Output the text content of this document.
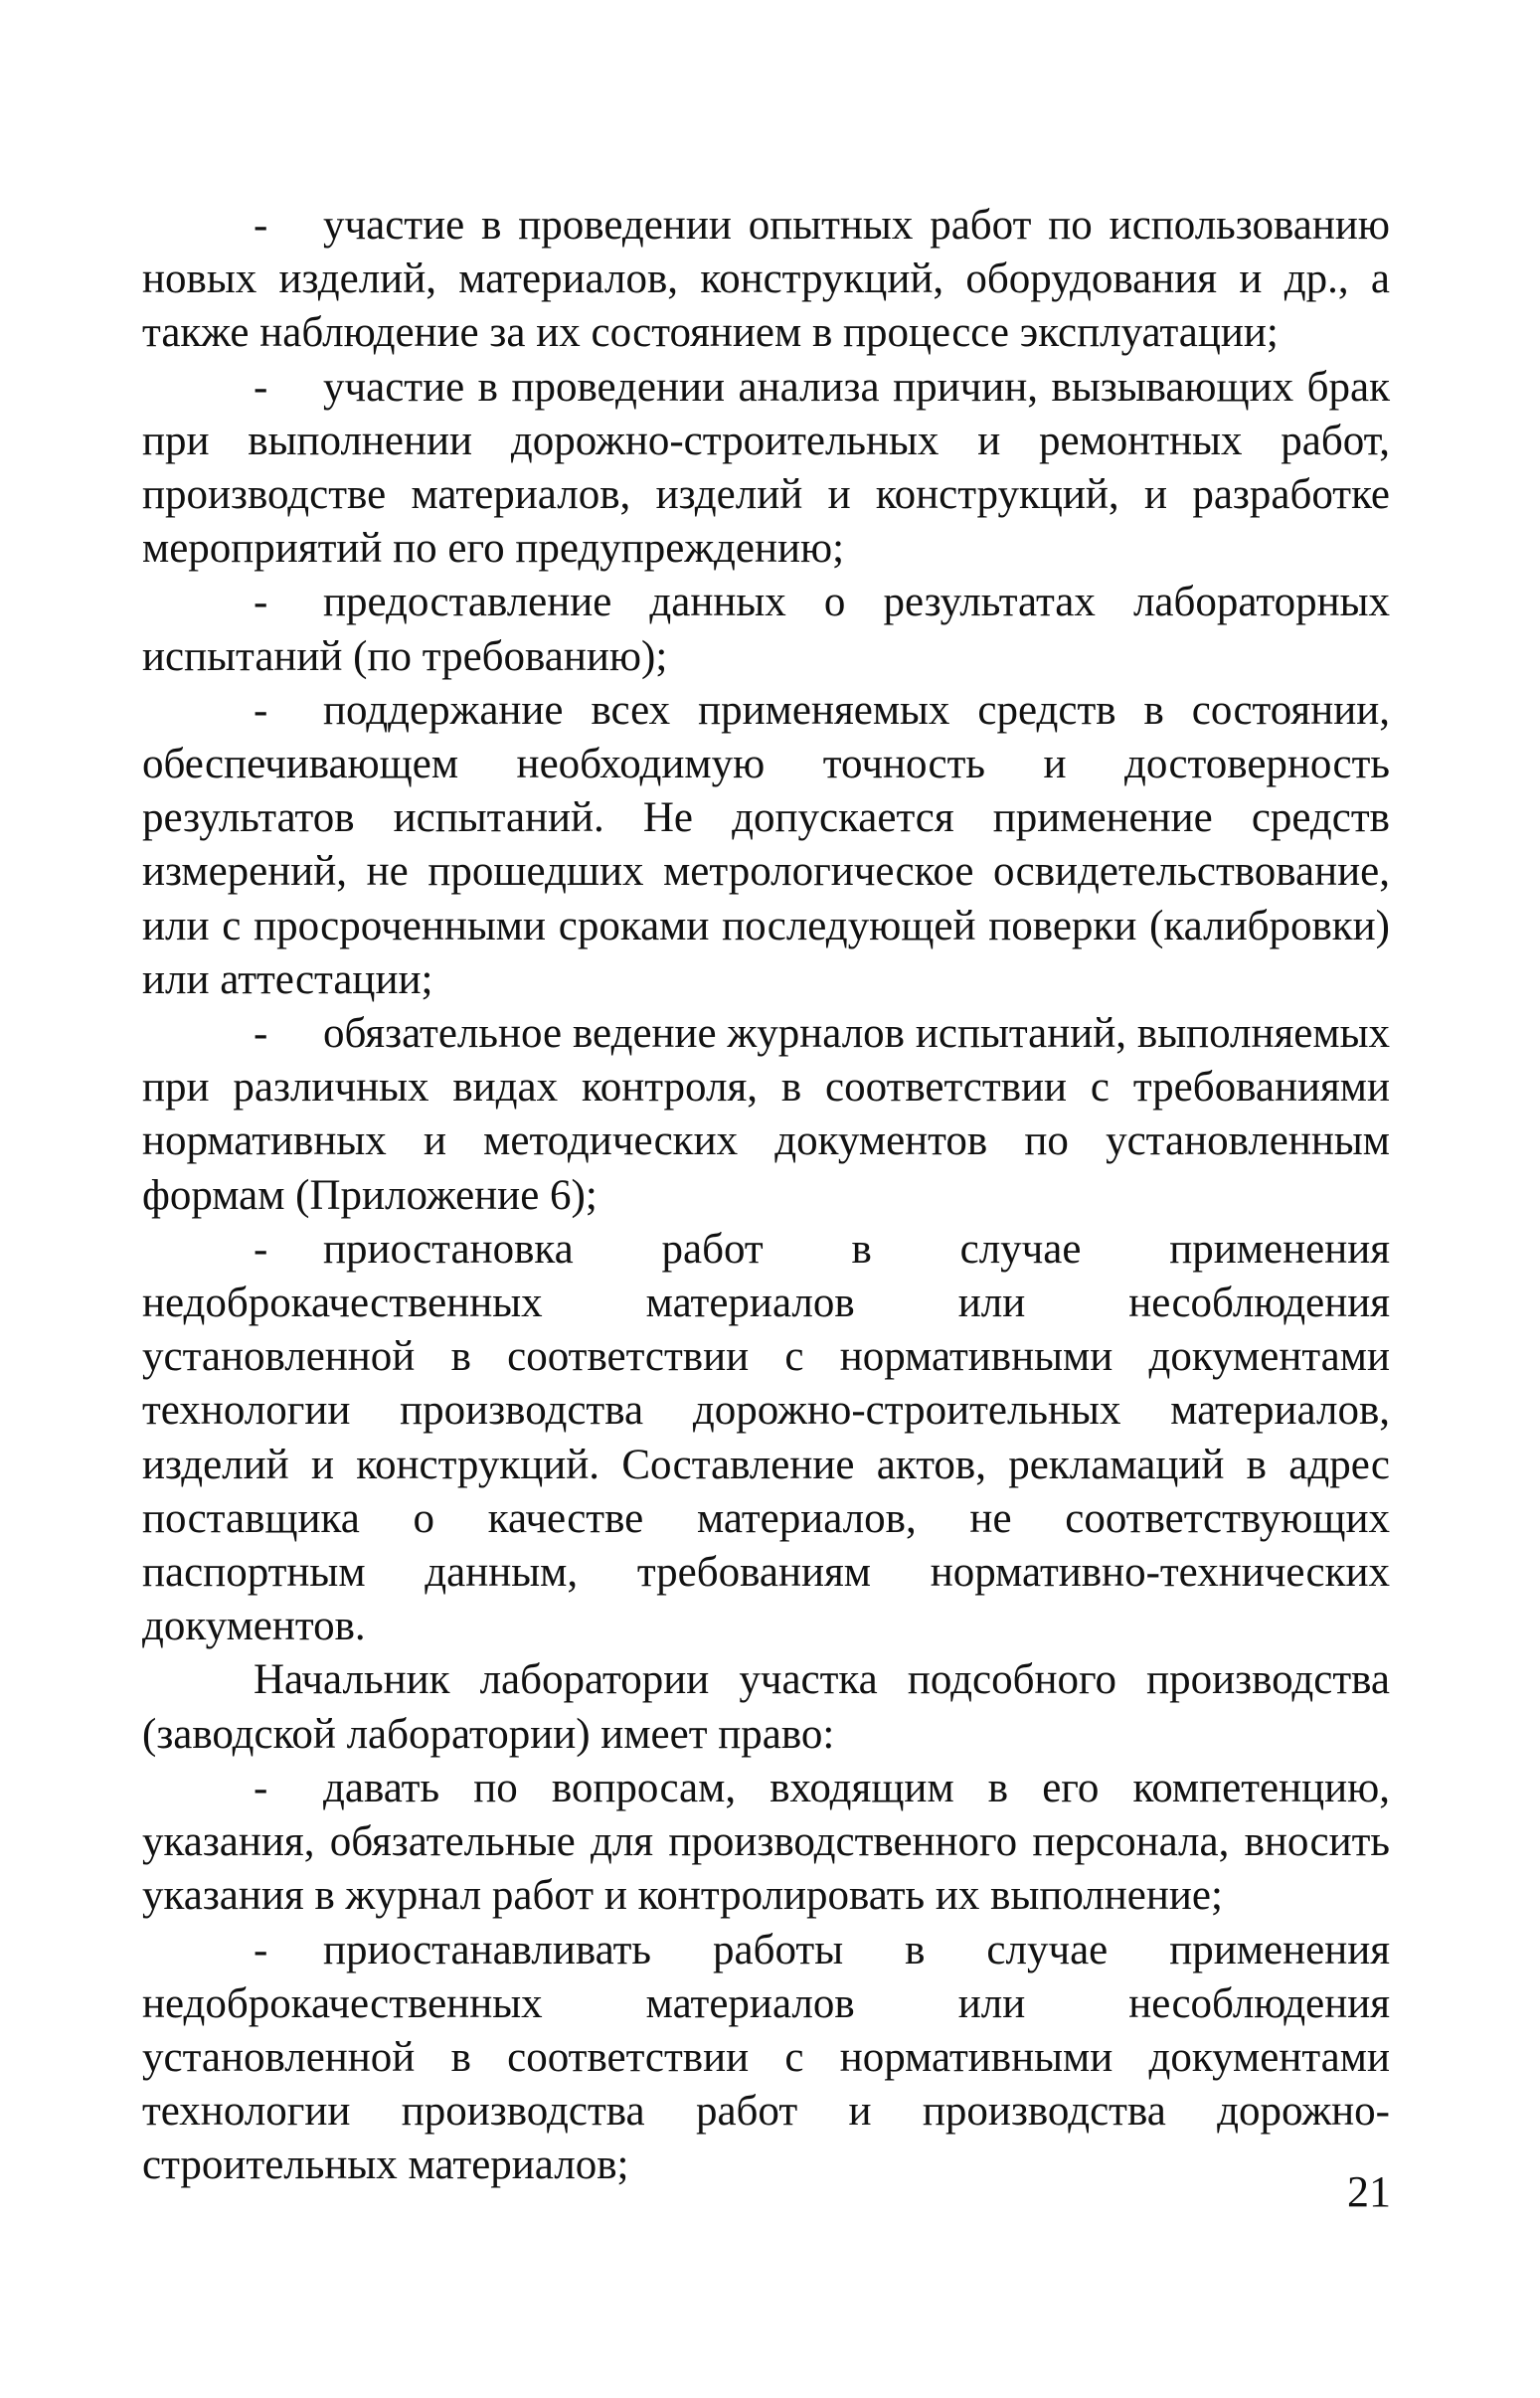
- участие в проведении опытных работ по использованию новых изделий, материалов, конструкций, оборудования и др., а также наблюдение за их состоянием в процессе эксплуатации;

- участие в проведении анализа причин, вызывающих брак при выполнении дорожно-строительных и ремонтных работ, производстве материалов, изделий и конструкций, и разработке мероприятий по его предупреждению;

- предоставление данных о результатах лабораторных испытаний (по требованию);

- поддержание всех применяемых средств в состоянии, обеспечивающем необходимую точность и достоверность результатов испытаний. Не допускается применение средств измерений, не прошедших метрологическое освидетельствование, или с просроченными сроками последующей поверки (калибровки) или аттестации;

- обязательное ведение журналов испытаний, выполняемых при различных видах контроля, в соответствии с требованиями нормативных и методических документов по установленным формам (Приложение 6);

- приостановка работ в случае применения недоброкачественных материалов или несоблюдения установленной в соответствии с нормативными документами технологии производства дорожно-строительных материалов, изделий и конструкций. Составление актов, рекламаций в адрес поставщика о качестве материалов, не соответствующих паспортным данным, требованиям нормативно-технических документов.

Начальник лаборатории участка подсобного производства (заводской лаборатории) имеет право:

- давать по вопросам, входящим в его компетенцию, указания, обязательные для производственного персонала, вносить указания в журнал работ и контролировать их выполнение;

- приостанавливать работы в случае применения недоброкачественных материалов или несоблюдения установленной в соответствии с нормативными документами технологии производства работ и производства дорожно-строительных материалов;

21
